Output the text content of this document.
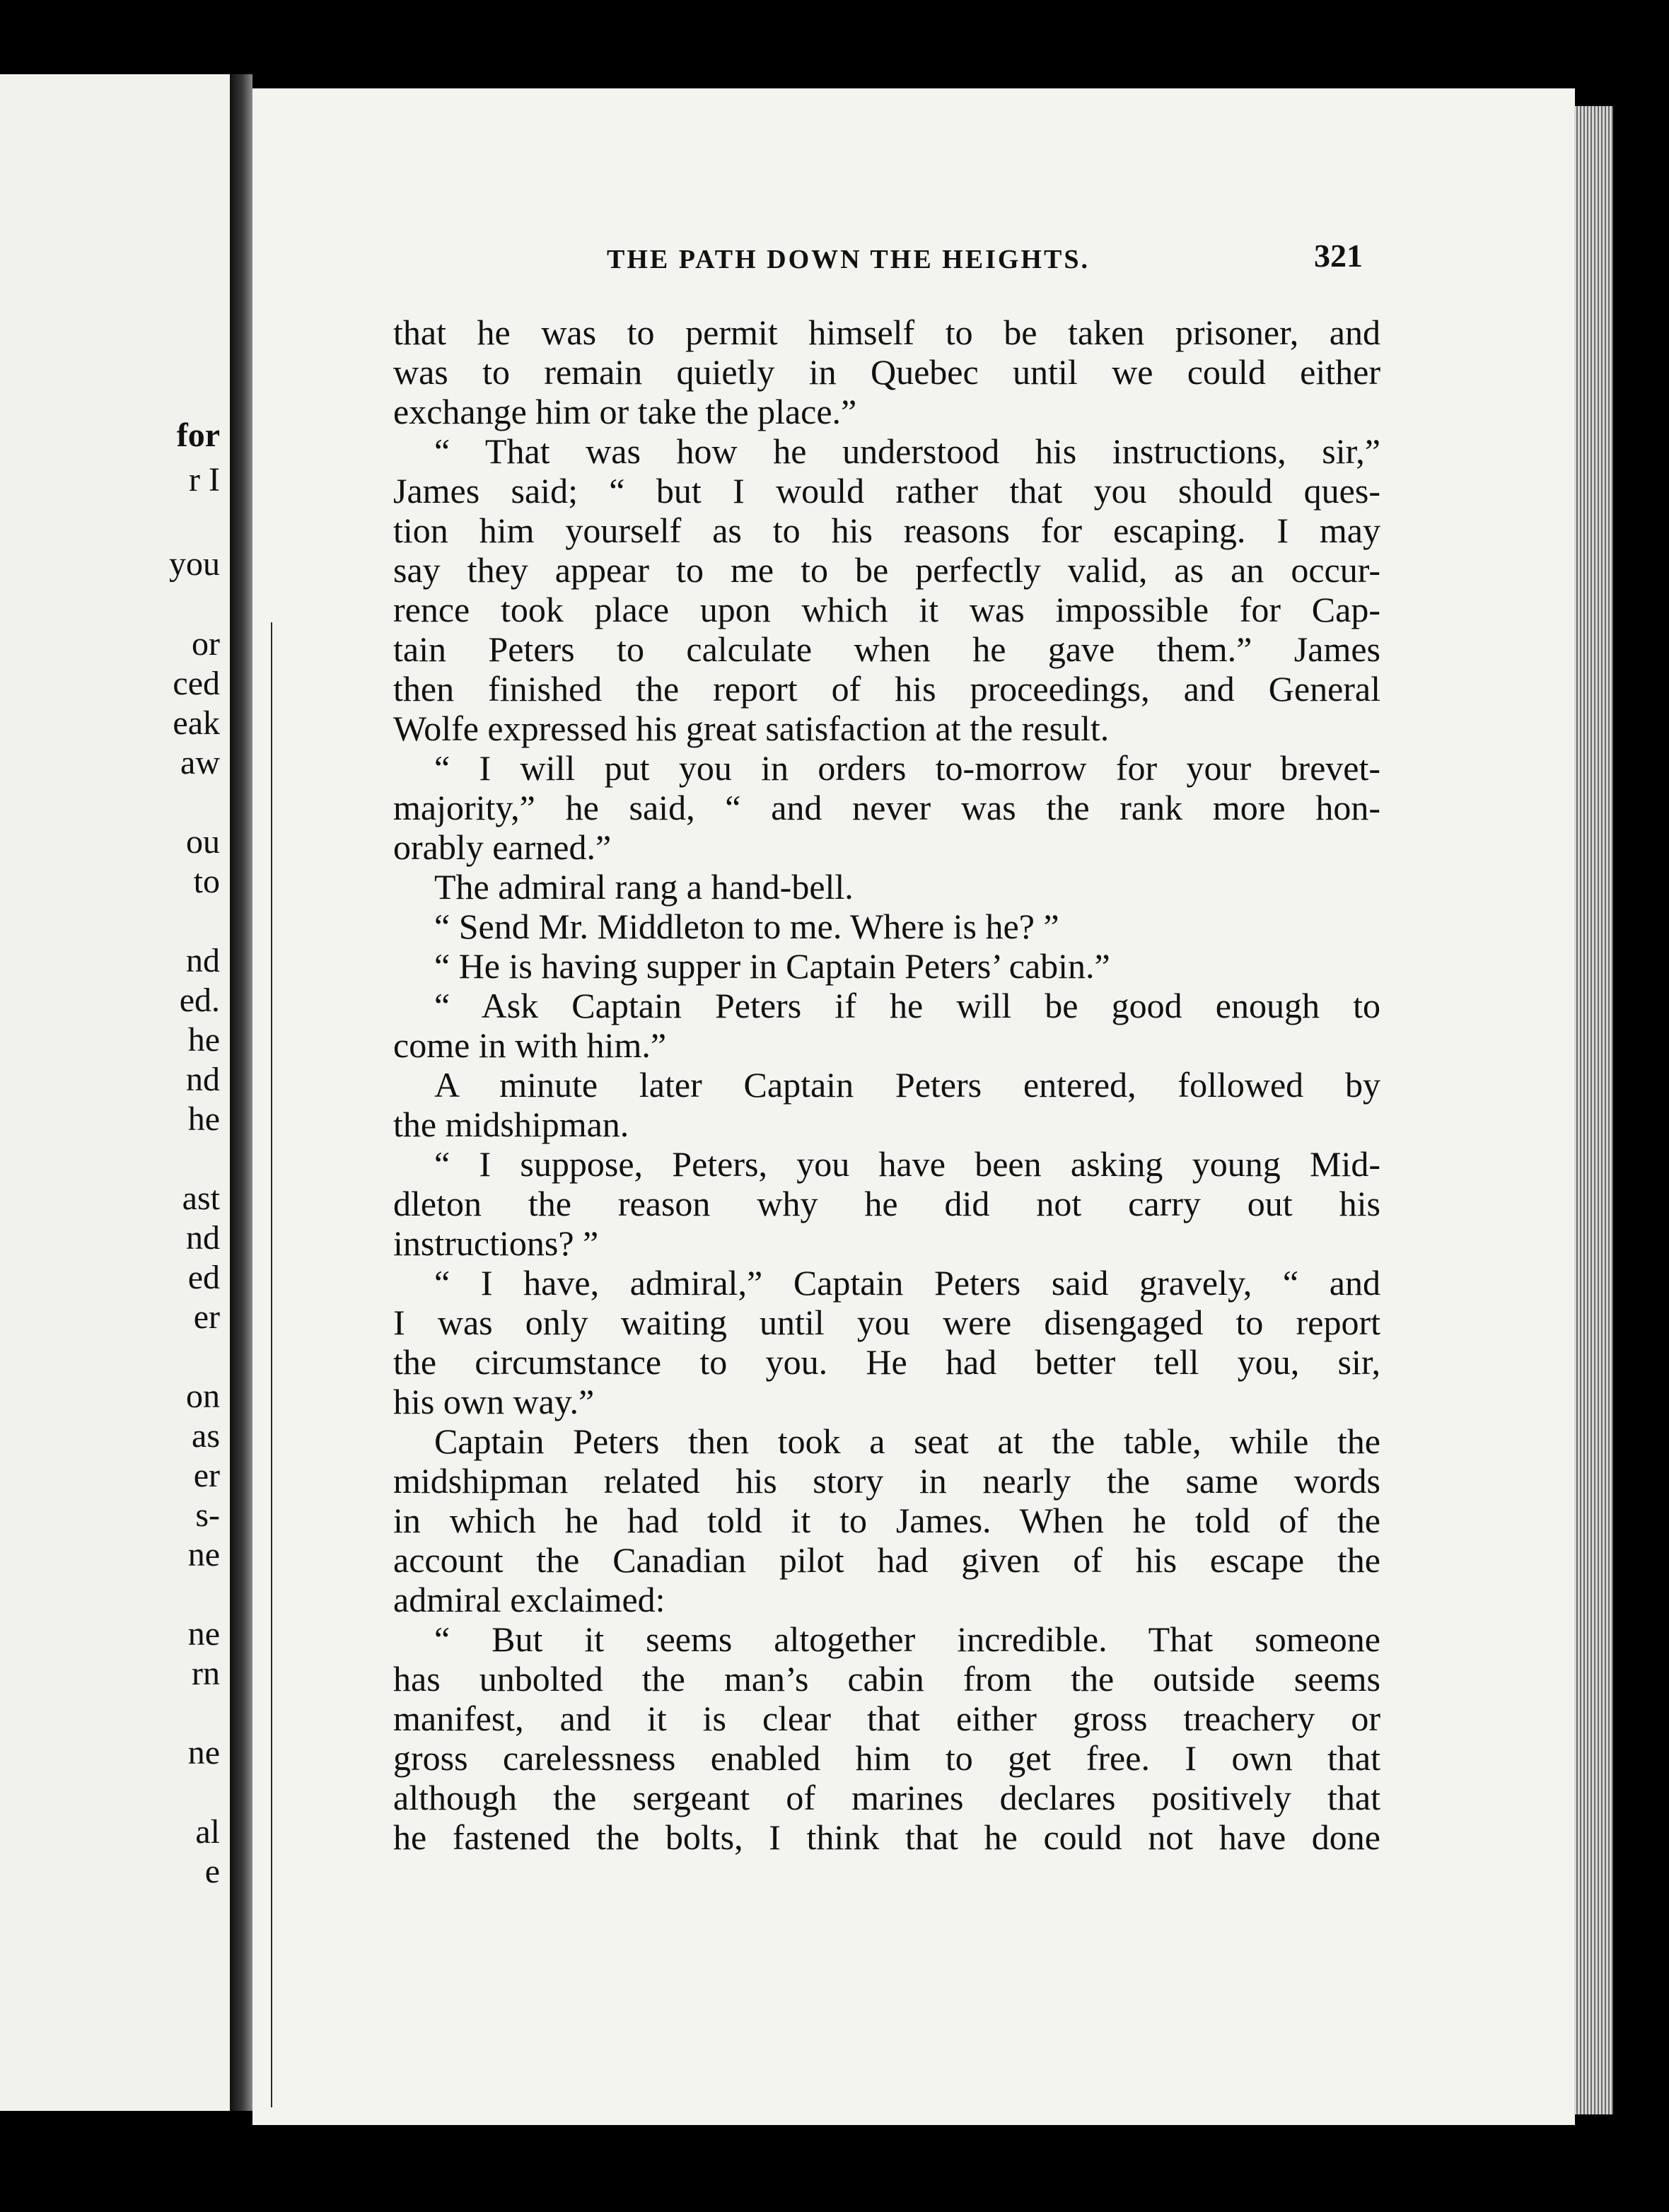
for
r I
you
or
ced
eak
aw
ou
to
nd
ed.
he
nd
he
ast
nd
ed
er
on
as
er
s-
ne
ne
rn
ne
al
e
THE PATH DOWN THE HEIGHTS.	321
that he was to permit himself to be taken prisoner, and
was to remain quietly in Quebec until we could either
exchange him or take the place.”
“ That was how he understood his instructions, sir,”
James said; “ but I would rather that you should ques-
tion him yourself as to his reasons for escaping. I may
say they appear to me to be perfectly valid, as an occur-
rence took place upon which it was impossible for Cap-
tain Peters to calculate when he gave them.” James
then finished the report of his proceedings, and General
Wolfe expressed his great satisfaction at the result.
“ I will put you in orders to-morrow for your brevet-
majority,” he said, “ and never was the rank more hon-
orably earned.”
The admiral rang a hand-bell.
“ Send Mr. Middleton to me. Where is he? ”
“ He is having supper in Captain Peters’ cabin.”
“ Ask Captain Peters if he will be good enough to
come in with him.”
A minute later Captain Peters entered, followed by
the midshipman.
“ I suppose, Peters, you have been asking young Mid-
dleton the reason why he did not carry out his
instructions? ”
“ I have, admiral,” Captain Peters said gravely, “ and
I was only waiting until you were disengaged to report
the circumstance to you. He had better tell you, sir,
his own way.”
Captain Peters then took a seat at the table, while the
midshipman related his story in nearly the same words
in which he had told it to James. When he told of the
account the Canadian pilot had given of his escape the
admiral exclaimed:
“ But it seems altogether incredible. That someone
has unbolted the man’s cabin from the outside seems
manifest, and it is clear that either gross treachery or
gross carelessness enabled him to get free. I own that
although the sergeant of marines declares positively that
he fastened the bolts, I think that he could not have done
